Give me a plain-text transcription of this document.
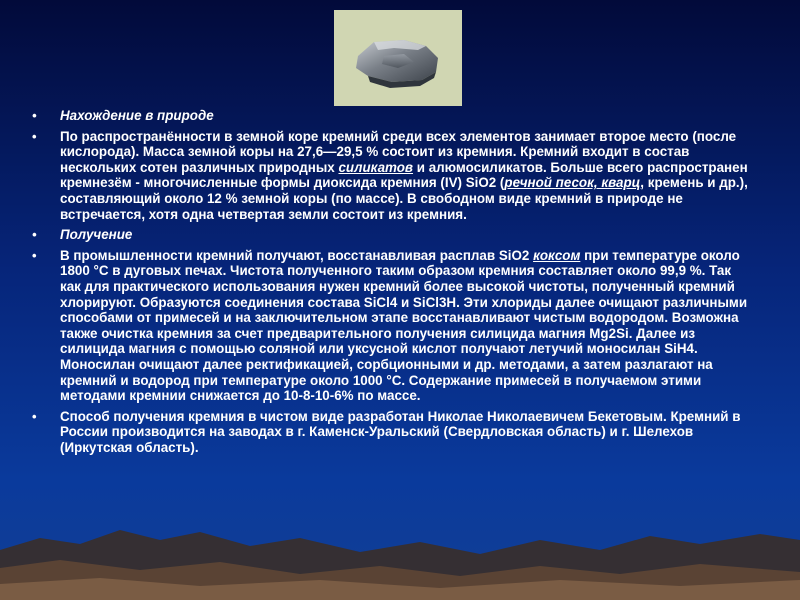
• Нахождение в природе
• По распространённости в земной коре кремний среди всех элементов занимает второе место (после кислорода). Масса земной коры на 27,6—29,5 % состоит из кремния. Кремний входит в состав нескольких сотен различных природных силикатов и алюмосиликатов. Больше всего распространен кремнезём - многочисленные формы диоксида кремния (IV) SiO2 (речной песок, кварц, кремень и др.), составляющий около 12 % земной коры (по массе). В свободном виде кремний в природе не встречается, хотя одна четвертая земли состоит из кремния.
• Получение
• В промышленности кремний получают, восстанавливая расплав SiO2 коксом при температуре около 1800 °C в дуговых печах. Чистота полученного таким образом кремния составляет около 99,9 %. Так как для практического использования нужен кремний более высокой чистоты, полученный кремний хлорируют. Образуются соединения состава SiCl4 и SiCl3H. Эти хлориды далее очищают различными способами от примесей и на заключительном этапе восстанавливают чистым водородом. Возможна также очистка кремния за счет предварительного получения силицида магния Mg2Si. Далее из силицида магния с помощью соляной или уксусной кислот получают летучий моносилан SiH4. Моносилан очищают далее ректификацией, сорбционными и др. методами, а затем разлагают на кремний и водород при температуре около 1000 °C. Содержание примесей в получаемом этими методами кремнии снижается до 10-8-10-6% по массе.
• Способ получения кремния в чистом виде разработан Николае Николаевичем Бекетовым. Кремний в России производится на заводах в г. Каменск-Уральский (Свердловская область) и г. Шелехов (Иркутская область).
